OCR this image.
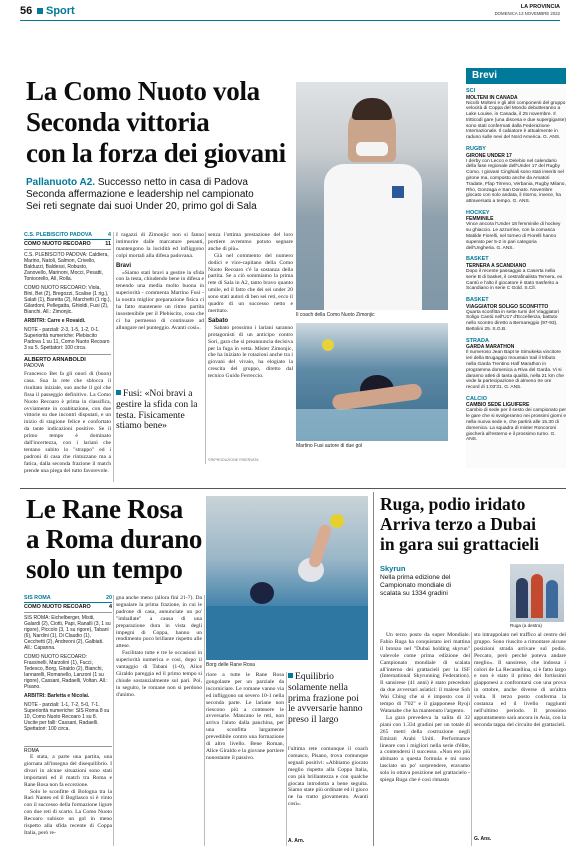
56 Sport	LA PROVINCIA
DOMENICA 13 NOVEMBRE 2022
La Como Nuoto vola
Seconda vittoria
con la forza dei giovani
Pallanuoto A2. Successo netto in casa di Padova
Seconda affermazione e leadership nel campionato
Sei reti segnate dai suoi Under 20, primo gol di Sala
Il coach della Como Nuoto Zimonjic
Martino Fusi autore di due gol
C.S. PLEBISCITO PADOVA	4
COMO NUOTO RECOARO	11
C.S. PLEBISCITO PADOVA: Caldiera, Marino, Natoli, Salmon, Crivello, Balduzzi, Baldessi, Robusto, Zanovello, Marinoni, Mocci, Pesatti, Tonioorello, Alì, Rolla.
COMO NUOTO RECOARO: Viola, Bini, Bet (2), Bregozzi, Scalise (1 rig.), Salati (1), Baretta (2), Marchetti (1 rig.), Gilardoni, Pellegatta, Ghioldi, Fusi (2), Bianchi. All.: Zimonjic.
ARBITRI: Carre e Rovaidi.
NOTE - parziali: 2-3, 1-5, 1-2, 0-1. Superiorità numeriche: Plebiscito Padova 1 su 11, Como Nuoto Recoaro 3 su 5. Spettatori: 100 circa.
ALBERTO ARNABOLDI
PADOVA

Francesco Bet fa gli onori di (buon) casa. Sua la rete che sblocca il risultato iniziale, suo anche il gol che fissa il passeggio definitivo. La Como Nuoto Recoaro è prima in classifica, ovviamente in coabitazione, con due vittorie su due incontri disputati, e un inizio di stagione felice e confortato da tante indicazioni positive. Se il primo tempo è dominato dall'incertezza, con i lariani che tentano subito lo "strappo" ed i padroni di casa che rintuzzano ma a fatica, dalla seconda frazione il match prende una piega del tutto favorevole.

I ragazzi di Zimonjic non si fanno intimorire dalle marcature pesanti, mantengono la lucidità ed infliggono colpi mortali alla difesa padovana.

Bravi

«Siamo stati bravi a gestire la sfida con la testa, chiudendo bene in difesa e tenendo una media molto buona in superiorità - commenta Martino Fusi - la nostra miglior preparazione fisica ci ha fatto mantenere un ritmo partita insostenibile per il Plebiscito, cosa che ci ha permesso di continuare ad allungare nel punteggio. Avanti così».

Fusi: «Noi bravi a gestire la sfida con la testa. Fisicamente stiamo bene»

senza l'ottima prestazione del loro portiere avremmo potuto segnare anche di più».

Già nel commento del numero dodici e vice-capitano della Como Nuoto Recoaro c'è la sostanza della partita. Se a ciò sommiamo la prima rete di Sala in A2, tanto bravo quanto umile, ed il fatto che dei sei under 20 sono stati autori di ben sei reti, ecco il quadro di un successo netto e meritato.

Sabato

Sabato prossimo i lariani saranno protagonisti di un anticipo contro Sori, gara che si preannuncia decisiva per la fuga in vetta. Mister Zimonjic, che ha iniziato le rotazioni anche tra i giovani del vivaio, ha elogiato la crescita del gruppo, diretto dal tecnico Guido Ferreccio.

©RIPRODUZIONE RISERVATA
Brevi
SCI
MOLTENI IN CANADA
Nicolò Molteni e gli altri componenti del gruppo velocità di Coppa del Mondo debutteranno a Lake Louise, in Canada, il 25 novembre. Il tritticodi gare (una discesa e due supergigante) sono stati confermati dalla Federazione Internazionale. Il cabiatore è attualmente in raduno sulle nevi del Nord America. G. ANS.
RUGBY
GIRONE UNDER 17
I derby con Lecco e Delebio nel calendario della fase regionale dell'Under 17 del Rugby Como. I giovani Cinghiali sono stati inseriti nel girone ma, composto anche da Amatori Tradate, Ffap Tirreno, Verbania, Rugby Milano, Rho, Gonzaga e San Donato. Novembre giocato con solo andata, il ritorno, invece, ha attraversato a tempo. G. ANS.
HOCKEY
FEMMINILE
Vince ancora l'Under 18 femminile di hockey su ghiaccio. Le azzurrine, con la comasca Matilde Fiorelli, nel torneo di Fiorelli hanno superato per 5-2 in pari categoria dell'Ungheria. G. ANS.
BASKET
TERNERA A SCANDIANO
Dopo il recente passaggio a Caserta nella serie B di basket, il cestrafinalista Ternera, ex Cantù e l'alto il giocatore è stato trasferito a Scandiano in serie C Gold. S.Cll.
BASKET
VIAGGIATOR SOLIGO SCONFITTO
Quarta sconfitta in sette turni del Viaggiatori Soligo Cantù nell'U17 d'Eccellenza, battuto nello scontro diretto a Bernareggio (97-93). Bettolini 25. S.G.B.
STRADA
GARDA MARATHON
Il numeroso Jean Bapt te Simukeka vincitore ieri della Brugaggio mountain trail il tributo nella Garda Trentino Half Marathon in programma domenica a Riva del Garda. Vi si daranno atleti di tanta qualità, nella 21 km che vede la partecipazione di almeno tre ore record di 1:03'31. G. ANS.
CALCIO
CAMBIO SEDE LIGUIFERE
Cambio di sede per il sesto dei campionato per le gare che si svolgeranno nei prossimi giorni e nella nuova sede e, che partirà alle 15.30 di domenica. La squadra di mister Roncoroni giocherà all'esterno e il prossimo turno. G. ANS.
Le Rane Rosa
a Roma durano
solo un tempo
Borg delle Rane Rosa
SIS ROMA	20
COMO NUOTO RECOARO	4
SIS ROMA: Eichelberger, Misiti, Galardi (2), Ciotti, Papi, Ranalli (3, 1 su rigore), Piccolo (3, 1 su rigore), Tabani (6), Nardini (1), Di Claudio (1), Cecchetti (2), Andreoni (2), Galbiati. All.: Capanna.
COMO NUOTO RECOARO: Frassinelli, Marzolini (1), Fucci, Tedesco, Borg, Giraldo (2), Bianchi, Iannarelli, Romanello, Lanzoni (1 su rigore), Cassani, Radaelli, Voltan. All.: Pisano.
ARBITRI: Barletta e Nicolai.
NOTE - parziali: 1-1, 7-2, 5-0, 7-1. Superiorità numeriche: SIS Roma 8 su 10, Como Nuoto Recoaro 1 su 8. Uscite per falli: Cassani, Radaelli. Spettatori: 100 circa.
ROMA

È stata, a parte una partita, una giornata all'insegna del disequilibrio. I divari in alcune situazioni sono stati importanti ed il match tra Roma e Rane Rosa non fa eccezione.

Solo le sconfitte di Bologna tra la Rari Nantes ed il Bogliasco si è vinto con il successo della formazione ligure con due reti di scarto. La Como Nuoto Recoaro subisce un gol in meno rispetto alla sfida recente di Coppa Italia, però re-

gna anche meno (allora finì 21-7). Da segnalare la prima frazione, in cui le padrone di casa, annunciate un po' "imballate" a causa di una preparazione dura in vista degli impegni di Coppa, hanno un rendimento poco brillante rispetto alle attese.

Facilitato tutte e tre le occasioni in superiorità numerica e così, dopo il vantaggio di Tabani (1-0), Alice Giraldo pareggia ed il primo tempo si chiude sostanzialmente sul pari. Poi, in seguito, le romane non si perdono d'animo.

riore a tutte le Rane Rosa gongolaste per un parziale da incorniciare. Le romane vanno via ed infliggono un severo 10-1 nella seconda parte. Le lariane non riescono più a contenere le avversarie. Mancano le reti, non arriva l'aiuto dalla panchina, per una sconfitta largamente prevedibile contro una formazione di altro livello. Bene Roman, Alice Giraldo e la giovane portiere nonostante il passivo.

Equilibrio solamente nella prima frazione poi le avversarie hanno preso il largo

l'ultima rete comunque il coach comasco, Pisano, trova comunque segnali positivi: «Abbiamo giocato meglio rispetto alla Coppa Italia, con più brillantezza e con qualche giocata introdotta a bene seguita. Siamo state più ordinate ed il gioco ne ha tratto giovamento. Avanti così».

A. Arn.
Ruga, podio iridato
Arriva terzo a Dubai
in gara sui grattacieli
Skyrun
Nella prima edizione del Campionato mondiale di scalata su 1334 gradini
Ruga (a destra)

Un terzo posto da super Mondiale. Fabio Ruga ha conquistato ieri mattina il bronzo nel "Dubai holding skyrun" valevole come prima edizione del Campionato mondiale di scalata all'interno dei grattacieli per la ISF (International Skyrunning Federation). Il sansirese (41 anni) è stato preceduto da due avversari asiatici: il malese Soh Wai Ching che si è imposto con il tempo di 7'02" e il giapponese Ryoji Watanabe che ha mantenuto l'argento.

La gara prevedeva la salita di 32 piani con 1.334 gradini per un totale di 265 metri della costruzione negli Emirati Arabi Uniti. Performance lineare con i migliori nella serie d'élite, a contendersi il successo. «Non ero più abituato a questa formula e mi sono lasciato un po' sorprendere, eravamo solo in ottava posizione nel grattacielo - spiega Ruga che è così rimasto

sto intrappolato nel traffico al centro del gruppo. Sono riuscito a rimontare alcune posizioni strada arrivare sul podio. Peccato, però perché poteva andare meglio». Il sansirese, che indossa i colori de La Recastellina, si è fatto largo e non è stato il primo dei fortissimi giapponesi a confrontarsi con una prova in ottobre, anche diverse di un'altra volta. Il terzo posto conferma la costanza ed il livello raggiunti nell'ultimo periodo. Il prossimo appuntamento sarà ancora in Asia, con la seconda tappa del circuito dei grattacieli.

G. Ans.
